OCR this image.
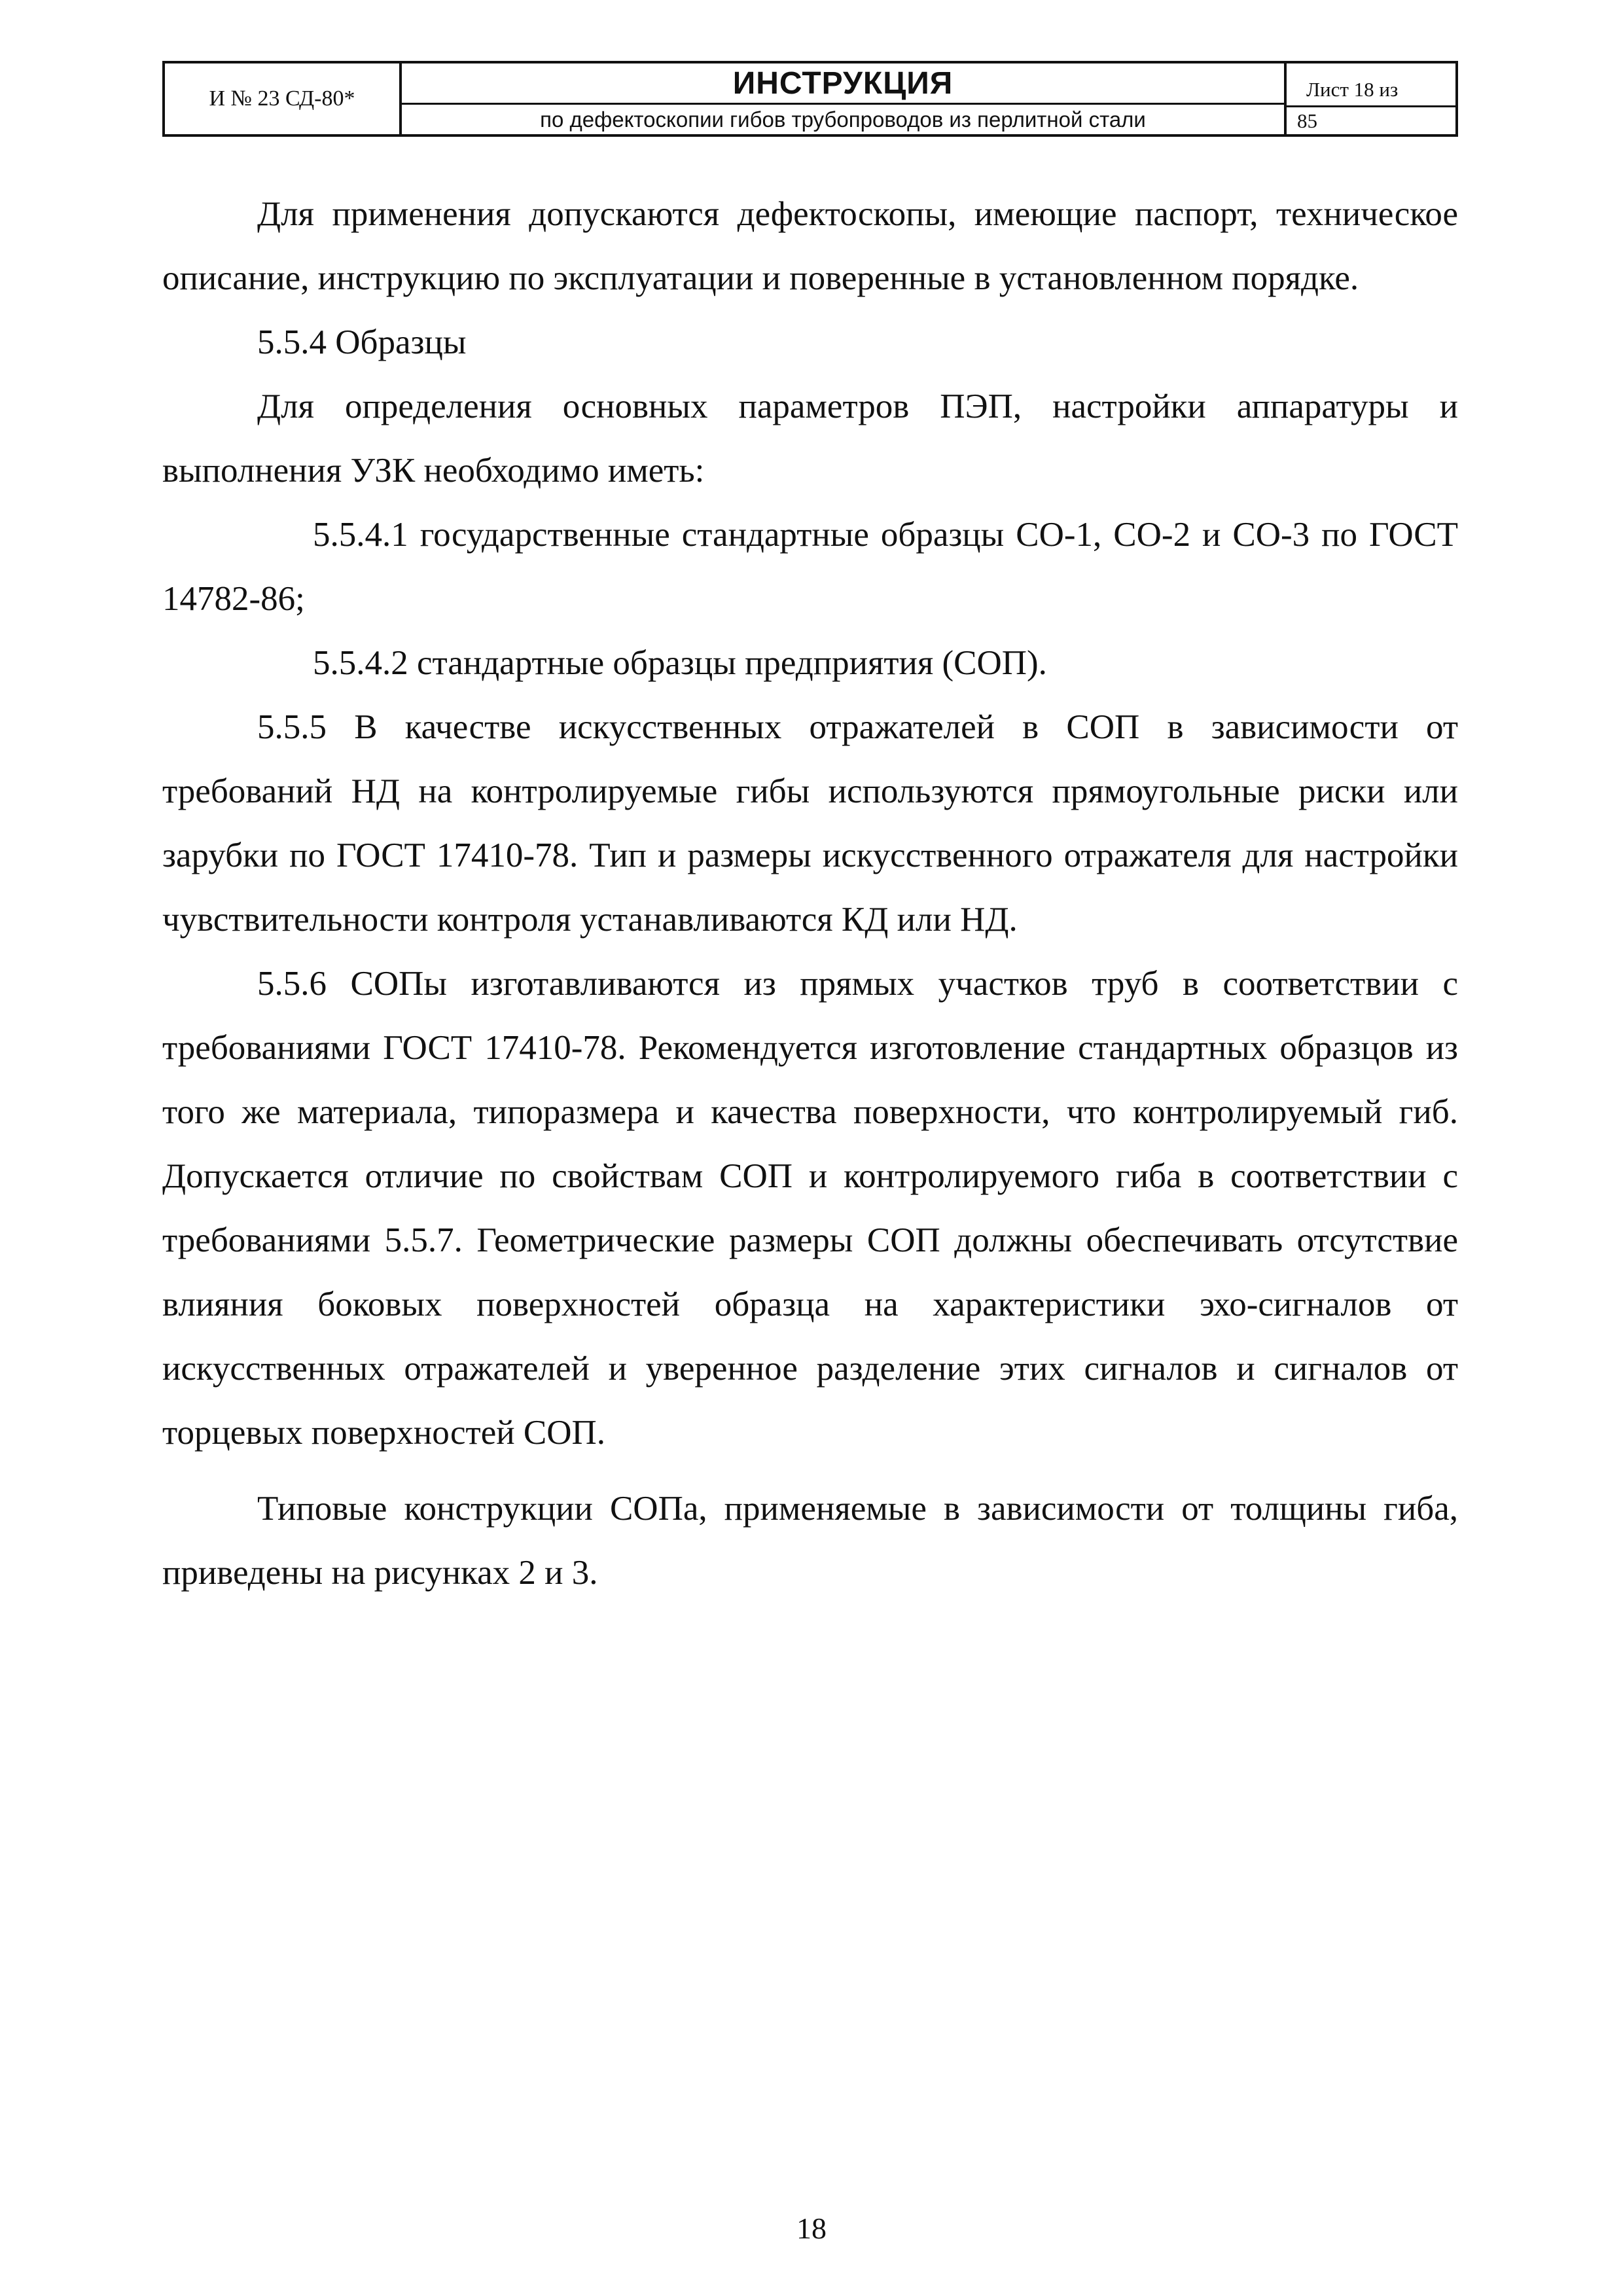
И № 23 СД-80*	ИНСТРУКЦИЯ
по дефектоскопии гибов трубопроводов из перлитной стали
Лист 18 из
85

Для применения допускаются дефектоскопы, имеющие паспорт, техническое описание, инструкцию по эксплуатации и поверенные в установленном порядке.

5.5.4 Образцы

Для определения основных параметров ПЭП, настройки аппаратуры и выполнения УЗК необходимо иметь:

5.5.4.1 государственные стандартные образцы СО-1, СО-2 и СО-3 по ГОСТ 14782-86;

5.5.4.2 стандартные образцы предприятия (СОП).

5.5.5 В качестве искусственных отражателей в СОП в зависимости от требований НД на контролируемые гибы используются прямоугольные риски или зарубки по ГОСТ 17410-78. Тип и размеры искусственного отражателя для настройки чувствительности контроля устанавливаются КД или НД.

5.5.6 СОПы изготавливаются из прямых участков труб в соответствии с требованиями ГОСТ 17410-78. Рекомендуется изготовление стандартных образцов из того же материала, типоразмера и качества поверхности, что контролируемый гиб. Допускается отличие по свойствам СОП и контролируемого гиба в соответствии с требованиями 5.5.7. Геометрические размеры СОП должны обеспечивать отсутствие влияния боковых поверхностей образца на характеристики эхо-сигналов от искусственных отражателей и уверенное разделение этих сигналов и сигналов от торцевых поверхностей СОП.

Типовые конструкции СОПа, применяемые в зависимости от толщины гиба, приведены на рисунках 2 и 3.

18
